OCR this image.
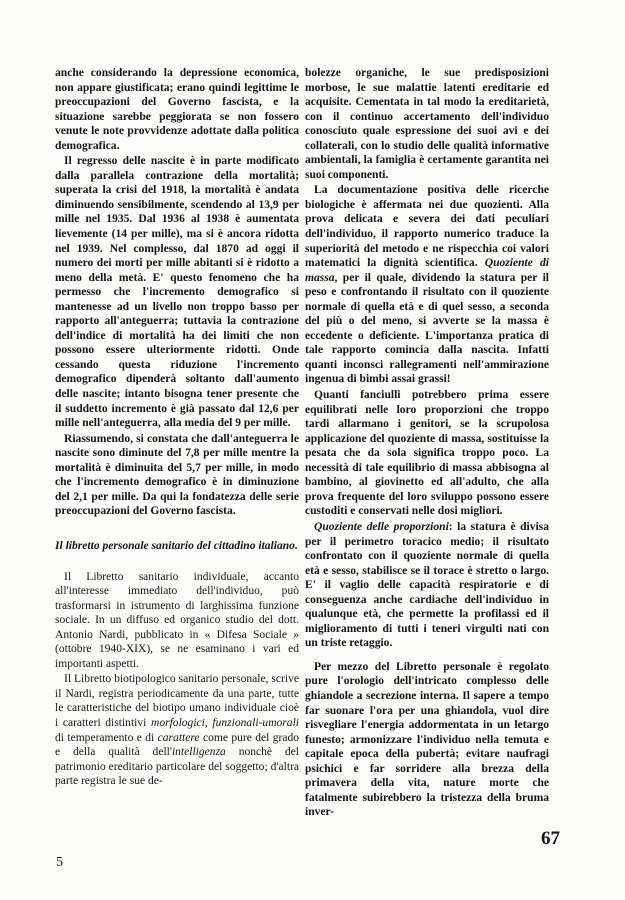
anche considerando la depressione economica, non appare giustificata; erano quindi legittime le preoccupazioni del Governo fascista, e la situazione sarebbe peggiorata se non fossero venute le note provvidenze adottate dalla politica demografica.

Il regresso delle nascite è in parte modificato dalla parallela contrazione della mortalità; superata la crisi del 1918, la mortalità è andata diminuendo sensibilmente, scendendo al 13,9 per mille nel 1935. Dal 1936 al 1938 è aumentata lievemente (14 per mille), ma si è ancora ridotta nel 1939. Nel complesso, dal 1870 ad oggi il numero dei morti per mille abitanti si è ridotto a meno della metà. E' questo fenomeno che ha permesso che l'incremento demografico si mantenesse ad un livello non troppo basso per rapporto all'anteguerra; tuttavia la contrazione dell'indice di mortalità ha dei limiti che non possono essere ulteriormente ridotti. Onde cessando questa riduzione l'incremento demografico dipenderà soltanto dall'aumento delle nascite; intanto bisogna tener presente che il suddetto incremento è già passato dal 12,6 per mille nell'anteguerra, alla media del 9 per mille.

Riassumendo, si constata che dall'anteguerra le nascite sono diminute del 7,8 per mille mentre la mortalità è diminuita del 5,7 per mille, in modo che l'incremento demografico è in diminuzione del 2,1 per mille. Da qui la fondatezza delle serie preoccupazioni del Governo fascista.

Il libretto personale sanitario del cittadino italiano.

Il Libretto sanitario individuale, accanto all'interesse immediato dell'individuo, può trasformarsi in istrumento di larghissima funzione sociale. In un diffuso ed organico studio del dott. Antonio Nardi, pubblicato in « Difesa Sociale » (ottobre 1940-XIX), se ne esaminano i vari ed importanti aspetti.

Il Libretto biotipologico sanitario personale, scrive il Nardi, registra periodicamente da una parte, tutte le caratteristiche del biotipo umano individuale cioè i caratteri distintivi morfologici, funzionali-umorali di temperamento e di carattere come pure del grado e della qualità dell'intelligenza nonchè del patrimonio ereditario particolare del soggetto; d'altra parte registra le sue de-

bolezze organiche, le sue predisposizioni morbose, le sue malattie latenti ereditarie ed acquisite. Cementata in tal modo la ereditarietà, con il continuo accertamento dell'individuo conosciuto quale espressione dei suoi avi e dei collaterali, con lo studio delle qualità informative ambientali, la famiglia è certamente garantita nei suoi componenti.

La documentazione positiva delle ricerche biologiche è affermata nei due quozienti. Alla prova delicata e severa dei dati peculiari dell'individuo, il rapporto numerico traduce la superiorità del metodo e ne rispecchia coi valori matematici la dignità scientifica. Quoziente di massa, per il quale, dividendo la statura per il peso e confrontando il risultato con il quoziente normale di quella età e di quel sesso, a seconda del più o del meno, si avverte se la massa è eccedente o deficiente. L'importanza pratica di tale rapporto comincia dalla nascita. Infatti quanti inconsci rallegramenti nell'ammirazione ingenua di bimbi assai grassi!

Quanti fanciulli potrebbero prima essere equilibrati nelle loro proporzioni che troppo tardi allarmano i genitori, se la scrupolosa applicazione del quoziente di massa, sostituisse la pesata che da sola significa troppo poco. La necessità di tale equilibrio di massa abbisogna al bambino, al giovinetto ed all'adulto, che alla prova frequente del loro sviluppo possono essere custoditi e conservati nelle dosi migliori.

Quoziente delle proporzioni: la statura è divisa per il perimetro toracico medio; il risultato confrontato con il quoziente normale di quella età e sesso, stabilisce se il torace è stretto o largo. E' il vaglio delle capacità respiratorie e di conseguenza anche cardiache dell'individuo in qualunque età, che permette la profilassi ed il miglioramento di tutti i teneri virgulti nati con un triste retaggio.

Per mezzo del Libretto personale è regolato pure l'orologio dell'intricato complesso delle ghiandole a secrezione interna. Il sapere a tempo far suonare l'ora per una ghiandola, vuol dire risvegliare l'energia addormentata in un letargo funesto; armonizzare l'individuo nella temuta e capitale epoca della pubertà; evitare naufragi psichici e far sorridere alla brezza della primavera della vita, nature morte che fatalmente subirebbero la tristezza della bruma inver-

67
5
